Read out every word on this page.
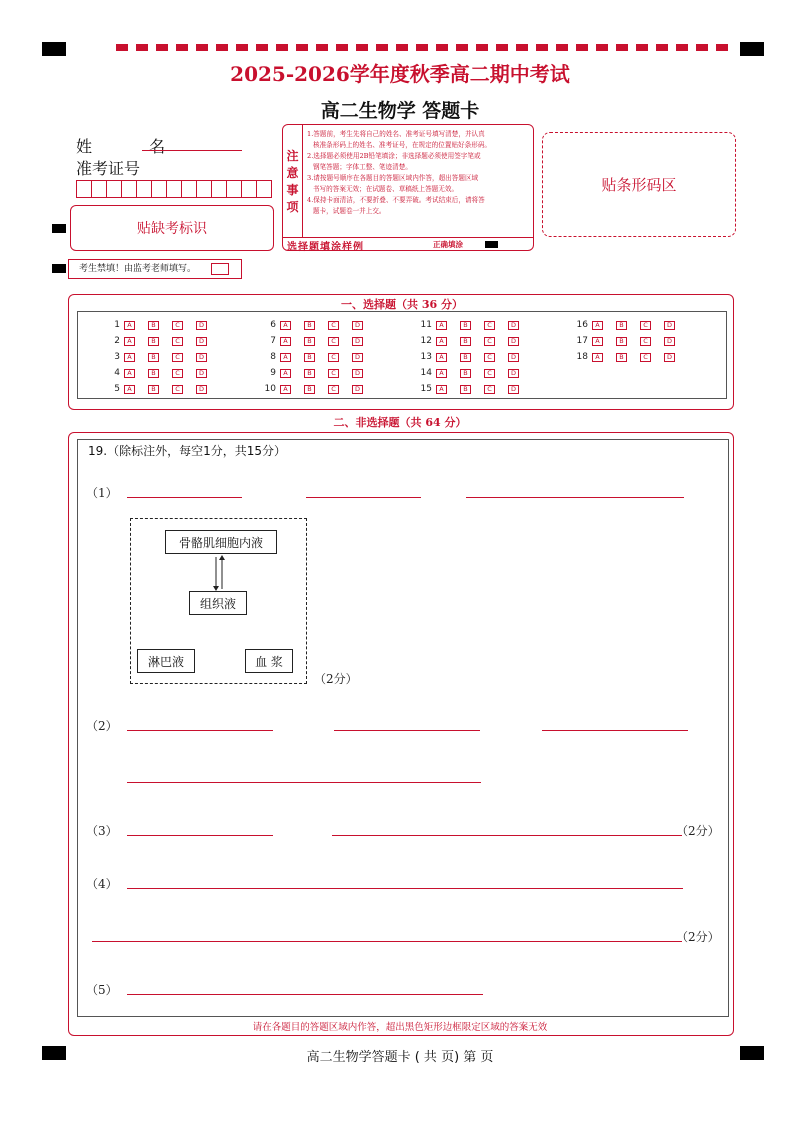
2025-2026学年度秋季高二期中考试
高二生物学 答题卡
姓 名
准考证号
贴缺考标识
注
意
事
项
1.答题前，考生先将自己的姓名、准考证号填写清楚，并认真
核准条形码上的姓名、准考证号，在规定的位置贴好条形码。
2.选择题必须使用2B铅笔填涂；非选择题必须使用签字笔或
钢笔答题；字体工整、笔迹清楚。
3.请按题号顺序在各题目的答题区域内作答，超出答题区域
书写的答案无效；在试题卷、草稿纸上答题无效。
4.保持卡面清洁，不要折叠、不要弄破。考试结束后，请将答
题卡，试题卷一并上交。
选择题填涂样例	正确填涂
贴条形码区
考生禁填！由监考老师填写。
一、选择题（共 36 分）
1	A	B	C	D
2	A	B	C	D
3	A	B	C	D
4	A	B	C	D
5	A	B	C	D
6	A	B	C	D
7	A	B	C	D
8	A	B	C	D
9	A	B	C	D
10	A	B	C	D
11	A	B	C	D
12	A	B	C	D
13	A	B	C	D
14	A	B	C	D
15	A	B	C	D
16	A	B	C	D
17	A	B	C	D
18	A	B	C	D
二、非选择题（共 64 分）
19.（除标注外，每空1分，共15分）
（1）
骨骼肌细胞内液
组织液
淋巴液	血 浆
（2分）
（2）
（3）	（2分）
（4）
（2分）
（5）
请在各题目的答题区域内作答，超出黑色矩形边框限定区域的答案无效
高二生物学答题卡 ( 共 页) 第 页
